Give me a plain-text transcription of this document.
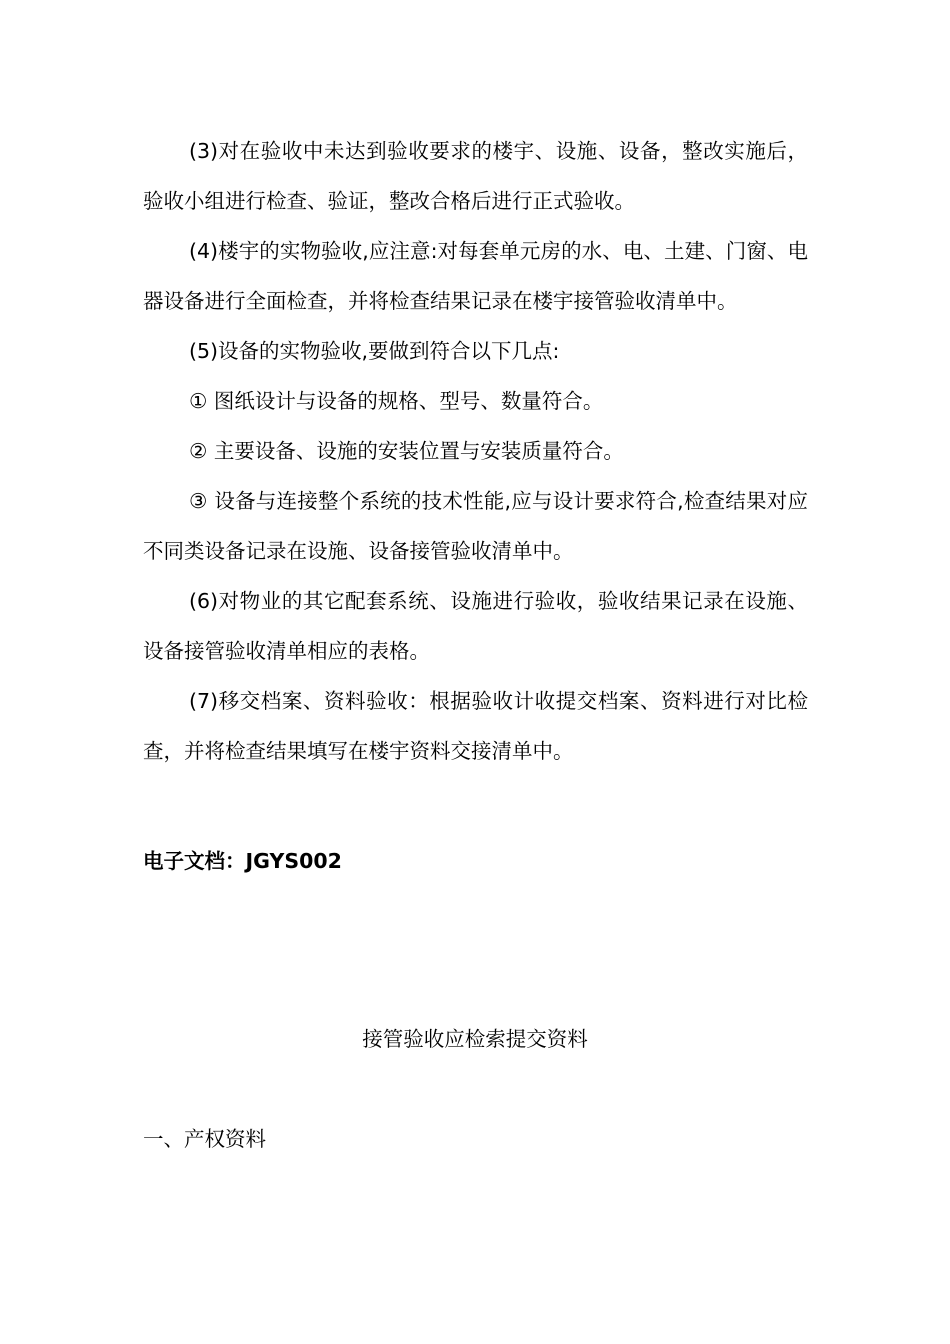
(3)对在验收中未达到验收要求的楼宇、设施、设备，整改实施后，验收小组进行检查、验证，整改合格后进行正式验收。

(4)楼宇的实物验收,应注意:对每套单元房的水、电、土建、门窗、电器设备进行全面检查，并将检查结果记录在楼宇接管验收清单中。

(5)设备的实物验收,要做到符合以下几点:

① 图纸设计与设备的规格、型号、数量符合。

② 主要设备、设施的安装位置与安装质量符合。

③ 设备与连接整个系统的技术性能,应与设计要求符合,检查结果对应不同类设备记录在设施、设备接管验收清单中。

(6)对物业的其它配套系统、设施进行验收，验收结果记录在设施、设备接管验收清单相应的表格。

(7)移交档案、资料验收：根据验收计收提交档案、资料进行对比检查，并将检查结果填写在楼宇资料交接清单中。

电子文档：JGYS002

接管验收应检索提交资料
一、产权资料
